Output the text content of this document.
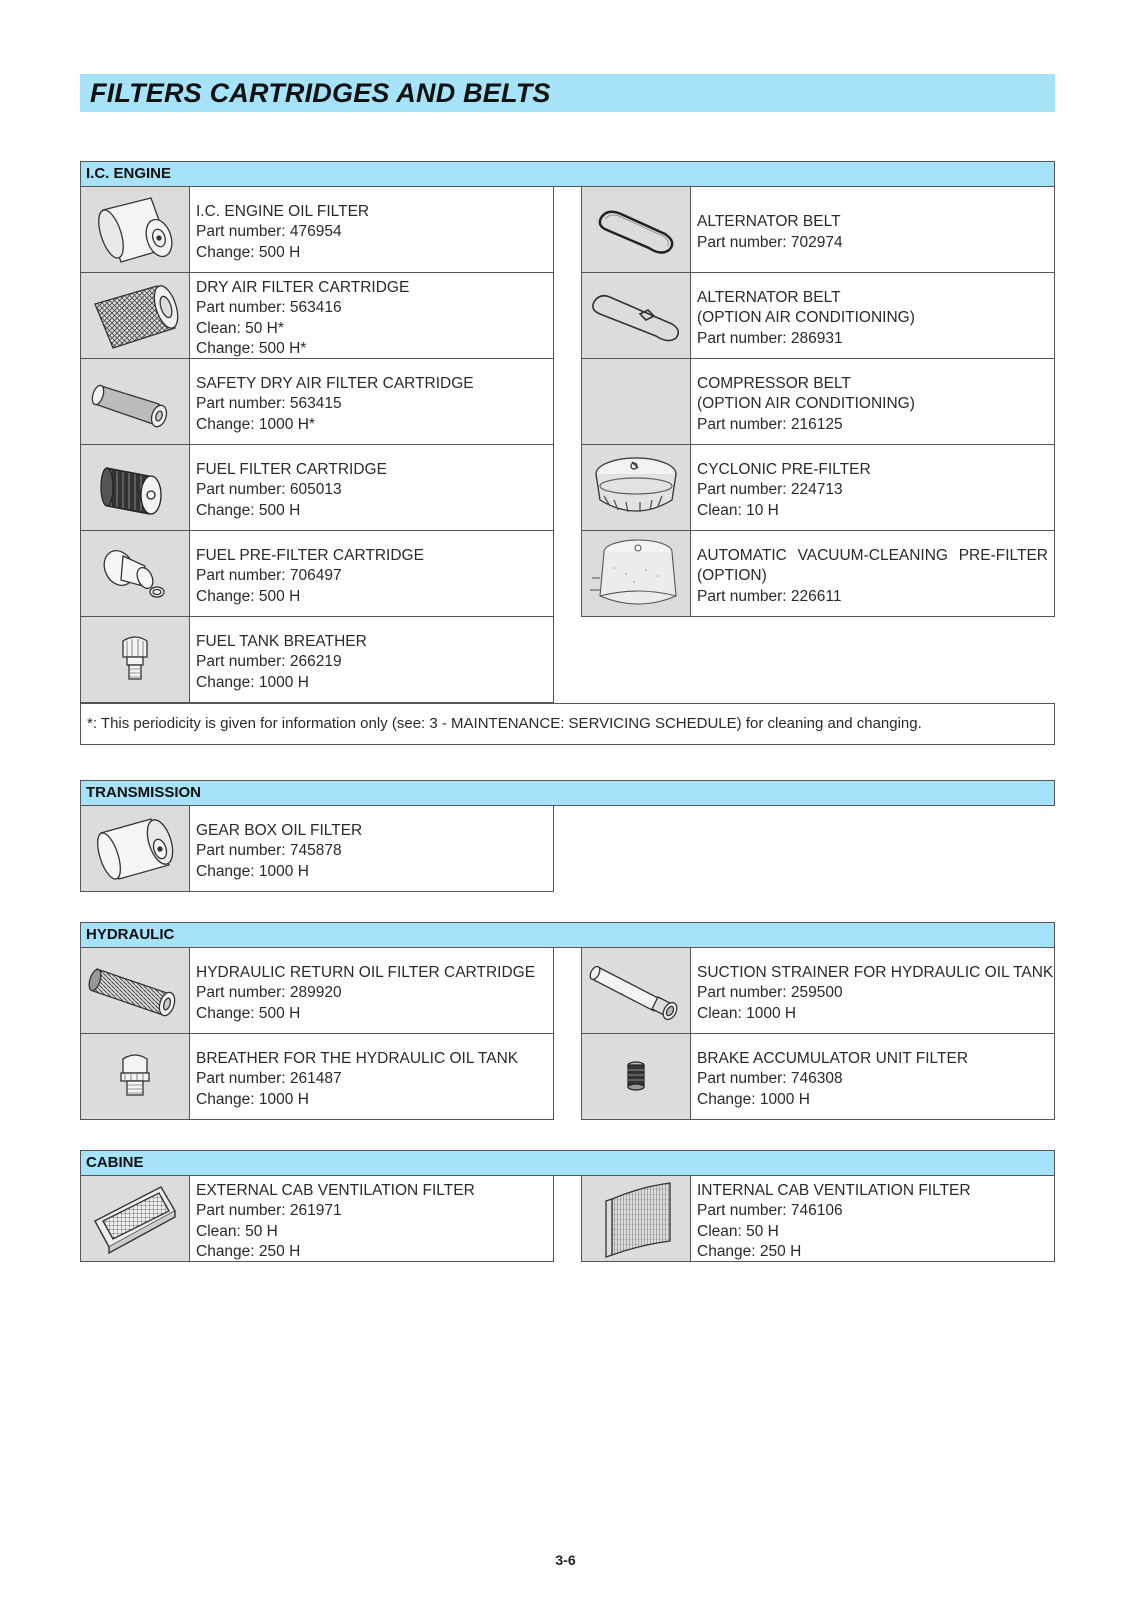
FILTERS CARTRIDGES AND BELTS
I.C. ENGINE
I.C. ENGINE OIL FILTER
Part number: 476954
Change: 500 H
DRY AIR FILTER CARTRIDGE
Part number: 563416
Clean: 50 H*
Change: 500 H*
SAFETY DRY AIR FILTER CARTRIDGE
Part number: 563415
Change: 1000 H*
FUEL FILTER CARTRIDGE
Part number: 605013
Change: 500 H
FUEL PRE-FILTER CARTRIDGE
Part number: 706497
Change: 500 H
FUEL TANK BREATHER
Part number: 266219
Change: 1000 H
ALTERNATOR BELT
Part number: 702974
ALTERNATOR BELT
(OPTION AIR CONDITIONING)
Part number: 286931
COMPRESSOR BELT
(OPTION AIR CONDITIONING)
Part number: 216125
CYCLONIC PRE-FILTER
Part number: 224713
Clean: 10 H
AUTOMATIC VACUUM-CLEANING PRE-FILTER
(OPTION)
Part number: 226611
*: This periodicity is given for information only (see: 3 - MAINTENANCE: SERVICING SCHEDULE) for cleaning and changing.
TRANSMISSION
GEAR BOX OIL FILTER
Part number: 745878
Change: 1000 H
HYDRAULIC
HYDRAULIC RETURN OIL FILTER CARTRIDGE
Part number: 289920
Change: 500 H
BREATHER FOR THE HYDRAULIC OIL TANK
Part number: 261487
Change: 1000 H
SUCTION STRAINER FOR HYDRAULIC OIL TANK
Part number: 259500
Clean: 1000 H
BRAKE ACCUMULATOR UNIT FILTER
Part number: 746308
Change: 1000 H
CABINE
EXTERNAL CAB VENTILATION FILTER
Part number: 261971
Clean: 50 H
Change: 250 H
INTERNAL CAB VENTILATION FILTER
Part number: 746106
Clean: 50 H
Change: 250 H
3-6
